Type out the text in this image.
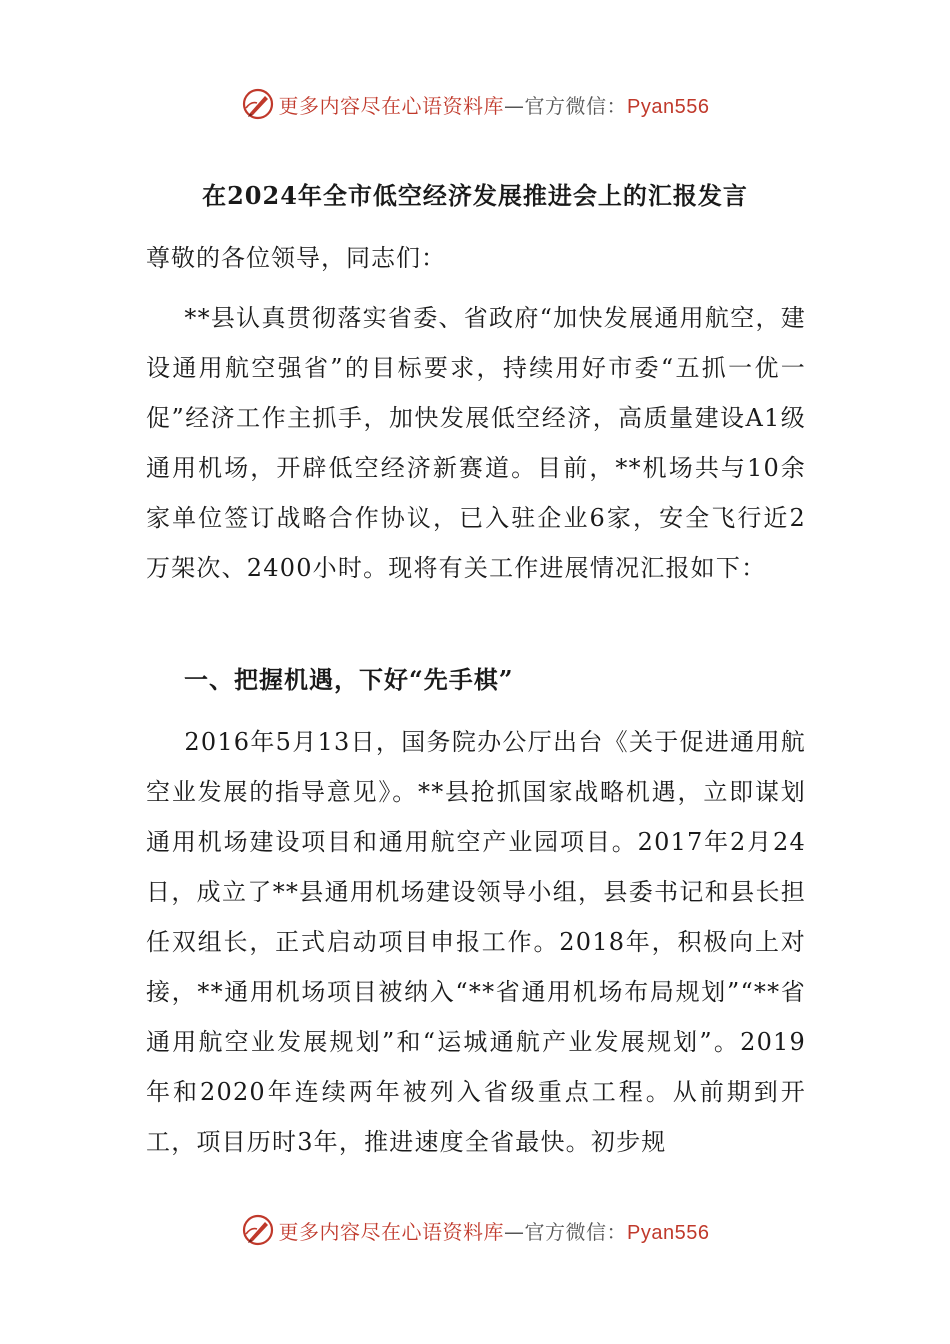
更多内容尽在心语资料库—官方微信：Pyan556
在2024年全市低空经济发展推进会上的汇报发言

尊敬的各位领导，同志们：

**县认真贯彻落实省委、省政府“加快发展通用航空，建设通用航空强省”的目标要求，持续用好市委“五抓一优一促”经济工作主抓手，加快发展低空经济，高质量建设A1级通用机场，开辟低空经济新赛道。目前，**机场共与10余家单位签订战略合作协议，已入驻企业6家，安全飞行近2万架次、2400小时。现将有关工作进展情况汇报如下：

一、把握机遇，下好“先手棋”

2016年5月13日，国务院办公厅出台《关于促进通用航空业发展的指导意见》。**县抢抓国家战略机遇，立即谋划通用机场建设项目和通用航空产业园项目。2017年2月24日，成立了**县通用机场建设领导小组，县委书记和县长担任双组长，正式启动项目申报工作。2018年，积极向上对接，**通用机场项目被纳入“**省通用机场布局规划”“**省通用航空业发展规划”和“运城通航产业发展规划”。2019年和2020年连续两年被列入省级重点工程。从前期到开工，项目历时3年，推进速度全省最快。初步规

更多内容尽在心语资料库—官方微信：Pyan556
